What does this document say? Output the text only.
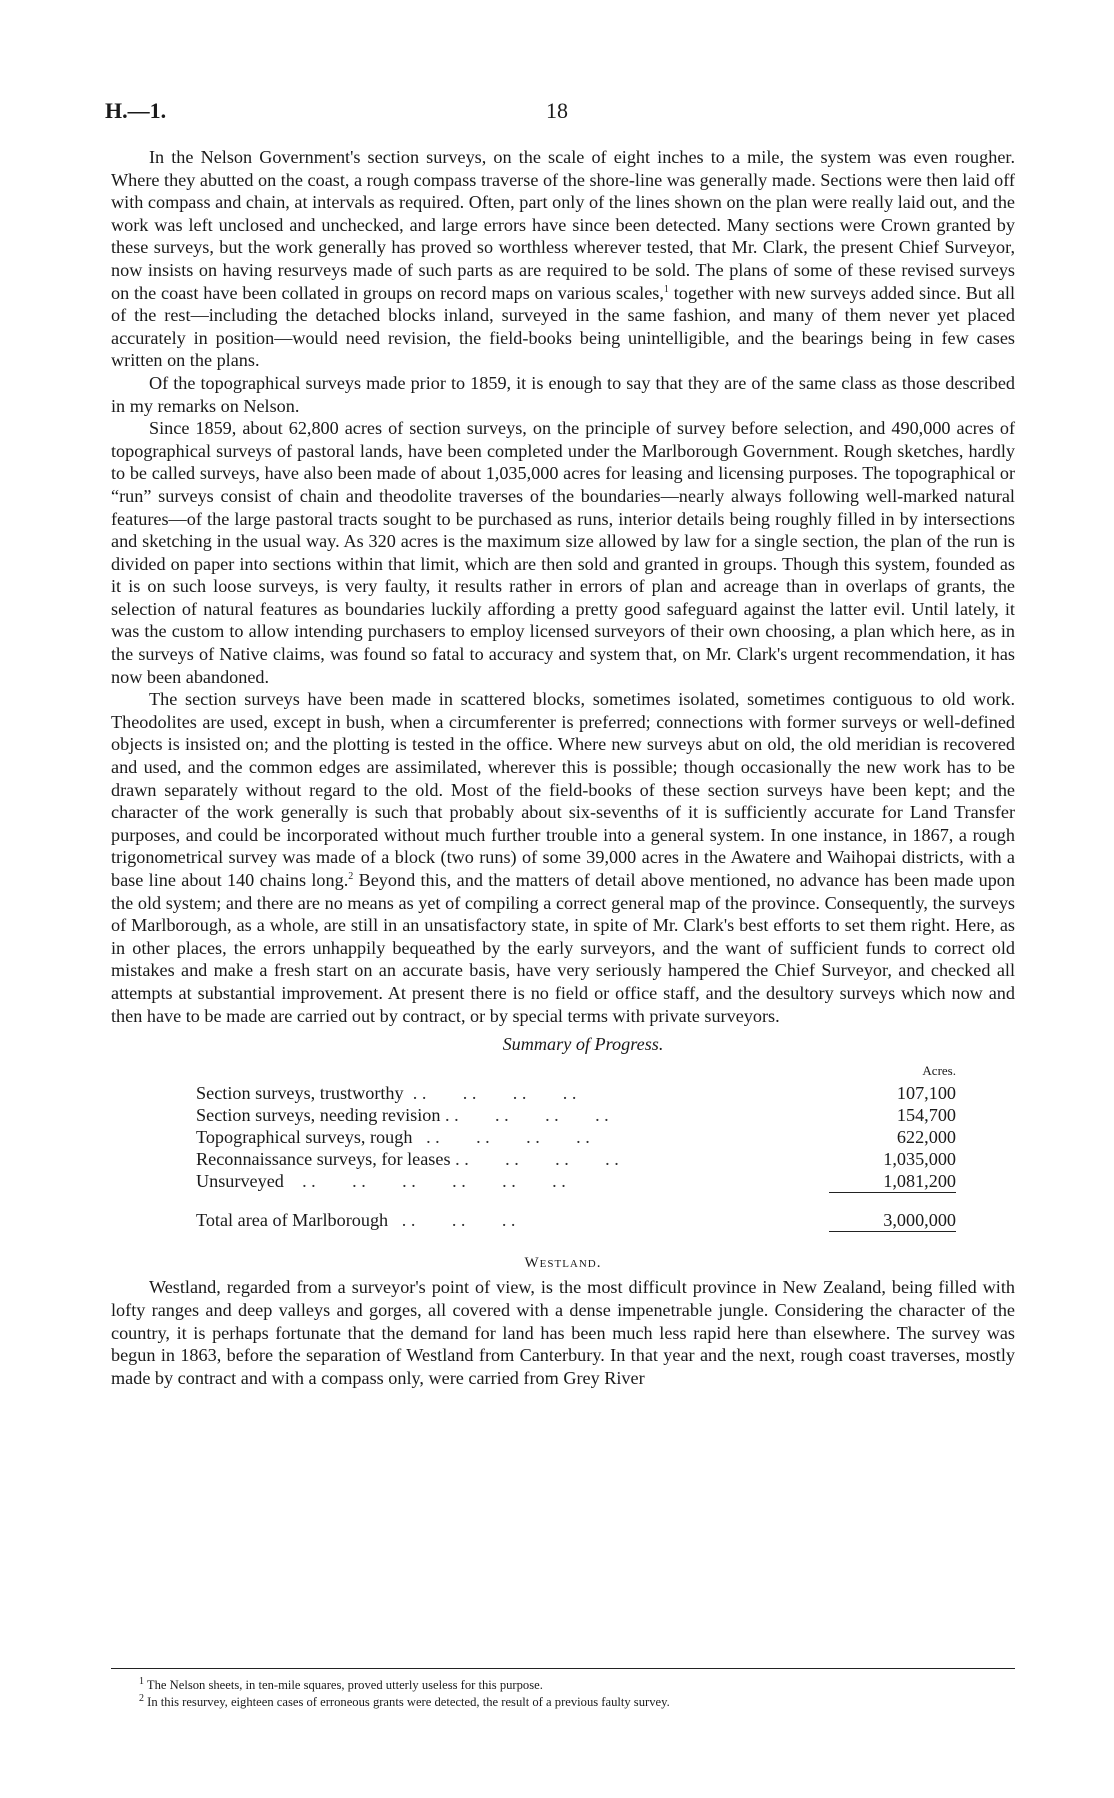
H.—1.	18

In the Nelson Government's section surveys, on the scale of eight inches to a mile, the system was even rougher. Where they abutted on the coast, a rough compass traverse of the shore-line was generally made. Sections were then laid off with compass and chain, at intervals as required. Often, part only of the lines shown on the plan were really laid out, and the work was left unclosed and unchecked, and large errors have since been detected. Many sections were Crown granted by these surveys, but the work generally has proved so worthless wherever tested, that Mr. Clark, the present Chief Surveyor, now insists on having resurveys made of such parts as are required to be sold. The plans of some of these revised surveys on the coast have been collated in groups on record maps on various scales,$^1$ together with new surveys added since. But all of the rest—including the detached blocks inland, surveyed in the same fashion, and many of them never yet placed accurately in position—would need revision, the field-books being unintelligible, and the bearings being in few cases written on the plans.

Of the topographical surveys made prior to 1859, it is enough to say that they are of the same class as those described in my remarks on Nelson.

Since 1859, about 62,800 acres of section surveys, on the principle of survey before selection, and 490,000 acres of topographical surveys of pastoral lands, have been completed under the Marlborough Government. Rough sketches, hardly to be called surveys, have also been made of about 1,035,000 acres for leasing and licensing purposes. The topographical or “run” surveys consist of chain and theodolite traverses of the boundaries—nearly always following well-marked natural features—of the large pastoral tracts sought to be purchased as runs, interior details being roughly filled in by intersections and sketching in the usual way. As 320 acres is the maximum size allowed by law for a single section, the plan of the run is divided on paper into sections within that limit, which are then sold and granted in groups. Though this system, founded as it is on such loose surveys, is very faulty, it results rather in errors of plan and acreage than in overlaps of grants, the selection of natural features as boundaries luckily affording a pretty good safeguard against the latter evil. Until lately, it was the custom to allow intending purchasers to employ licensed surveyors of their own choosing, a plan which here, as in the surveys of Native claims, was found so fatal to accuracy and system that, on Mr. Clark's urgent recommendation, it has now been abandoned.

The section surveys have been made in scattered blocks, sometimes isolated, sometimes contiguous to old work. Theodolites are used, except in bush, when a circumferenter is preferred; connections with former surveys or well-defined objects is insisted on; and the plotting is tested in the office. Where new surveys abut on old, the old meridian is recovered and used, and the common edges are assimilated, wherever this is possible; though occasionally the new work has to be drawn separately without regard to the old. Most of the field-books of these section surveys have been kept; and the character of the work generally is such that probably about six-sevenths of it is sufficiently accurate for Land Transfer purposes, and could be incorporated without much further trouble into a general system. In one instance, in 1867, a rough trigonometrical survey was made of a block (two runs) of some 39,000 acres in the Awatere and Waihopai districts, with a base line about 140 chains long.$^2$ Beyond this, and the matters of detail above mentioned, no advance has been made upon the old system; and there are no means as yet of compiling a correct general map of the province. Consequently, the surveys of Marlborough, as a whole, are still in an unsatisfactory state, in spite of Mr. Clark's best efforts to set them right. Here, as in other places, the errors unhappily bequeathed by the early surveyors, and the want of sufficient funds to correct old mistakes and make a fresh start on an accurate basis, have very seriously hampered the Chief Surveyor, and checked all attempts at substantial improvement. At present there is no field or office staff, and the desultory surveys which now and then have to be made are carried out by contract, or by special terms with private surveyors.

Summary of Progress.
	Acres.
Section surveys, trustworthy  . .        . .        . .        . .	107,100
Section surveys, needing revision . .        . .        . .        . .	154,700
Topographical surveys, rough   . .        . .        . .        . .	622,000
Reconnaissance surveys, for leases . .        . .        . .        . .	1,035,000
Unsurveyed    . .        . .        . .        . .        . .        . .	1,081,200
Total area of Marlborough   . .        . .        . .	3,000,000
Westland.

Westland, regarded from a surveyor's point of view, is the most difficult province in New Zealand, being filled with lofty ranges and deep valleys and gorges, all covered with a dense impenetrable jungle. Considering the character of the country, it is perhaps fortunate that the demand for land has been much less rapid here than elsewhere. The survey was begun in 1863, before the separation of Westland from Canterbury. In that year and the next, rough coast traverses, mostly made by contract and with a compass only, were carried from Grey River

$^1$ The Nelson sheets, in ten-mile squares, proved utterly useless for this purpose.

$^2$ In this resurvey, eighteen cases of erroneous grants were detected, the result of a previous faulty survey.
